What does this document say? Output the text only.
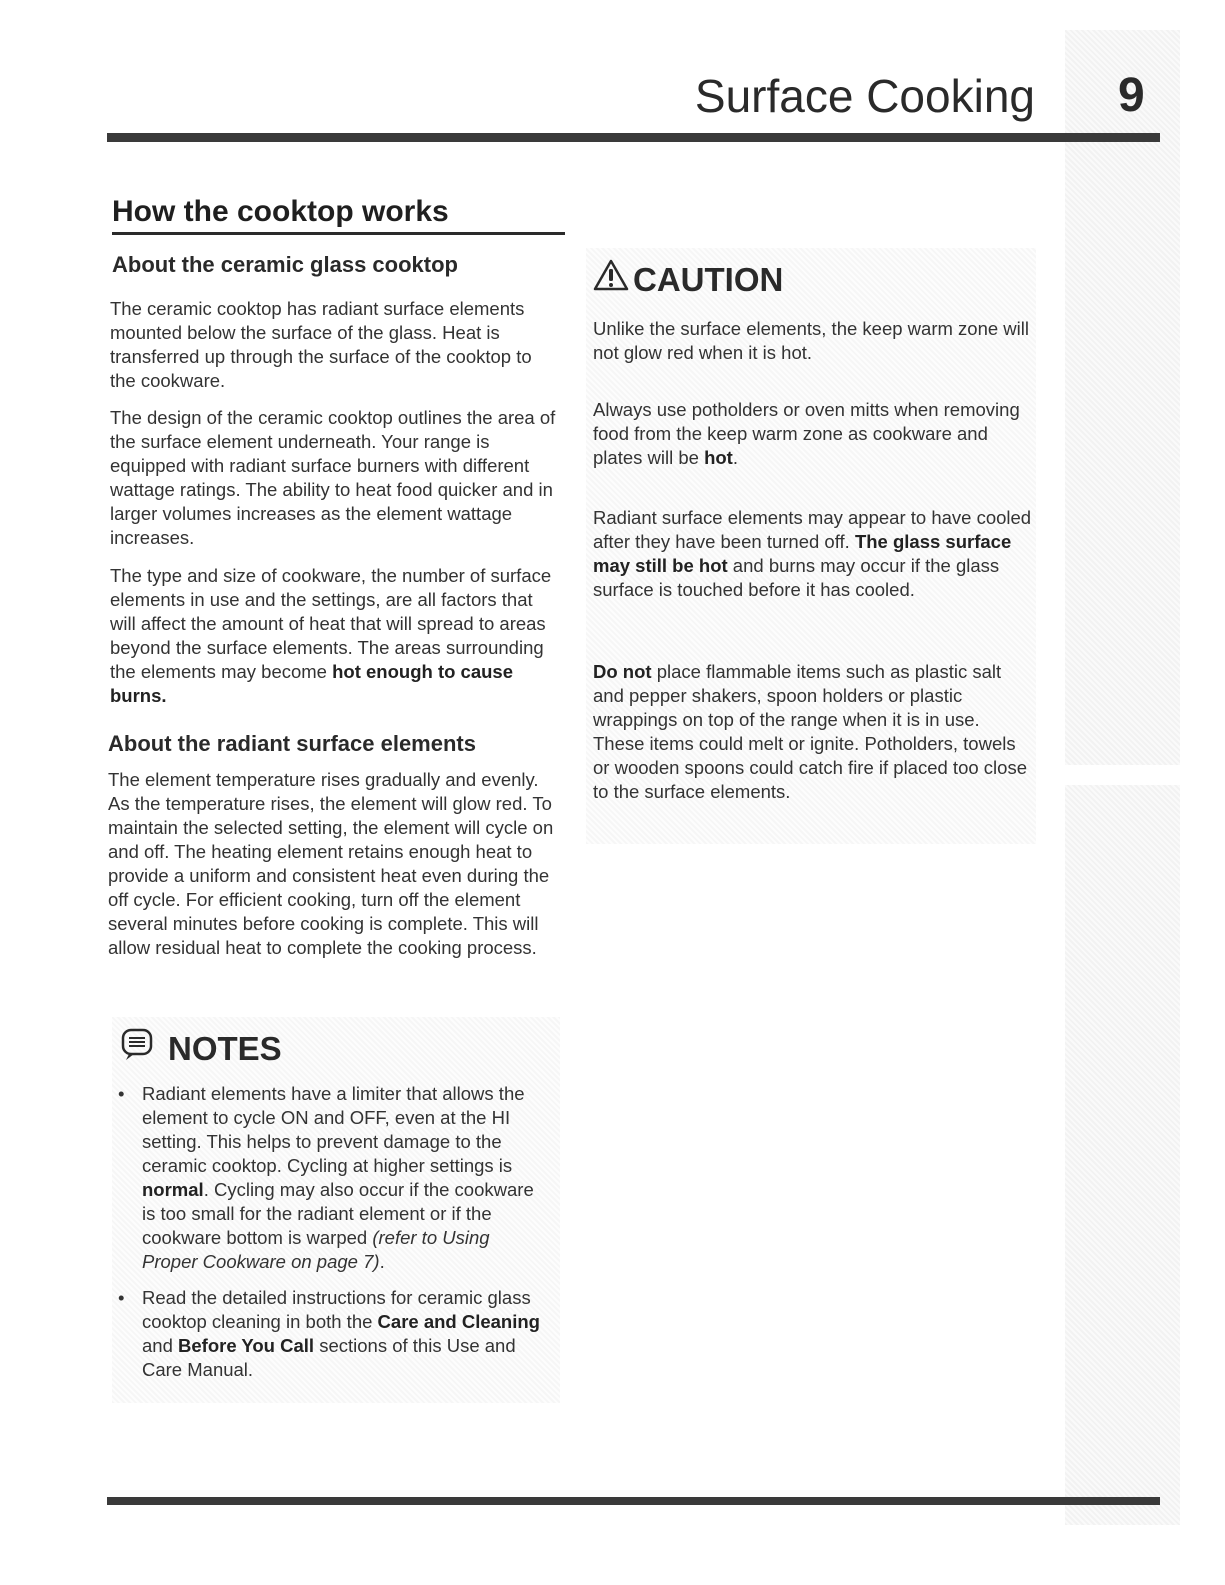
Surface Cooking 9
How the cooktop works
About the ceramic glass cooktop

The ceramic cooktop has radiant surface elements mounted below the surface of the glass. Heat is transferred up through the surface of the cooktop to the cookware.

The design of the ceramic cooktop outlines the area of the surface element underneath. Your range is equipped with radiant surface burners with different wattage ratings. The ability to heat food quicker and in larger volumes increases as the element wattage increases.

The type and size of cookware, the number of surface elements in use and the settings, are all factors that will affect the amount of heat that will spread to areas beyond the surface elements. The areas surrounding the elements may become hot enough to cause burns.

About the radiant surface elements

The element temperature rises gradually and evenly. As the temperature rises, the element will glow red. To maintain the selected setting, the element will cycle on and off. The heating element retains enough heat to provide a uniform and consistent heat even during the off cycle. For efficient cooking, turn off the element several minutes before cooking is complete. This will allow residual heat to complete the cooking process.

CAUTION

Unlike the surface elements, the keep warm zone will not glow red when it is hot.

Always use potholders or oven mitts when removing food from the keep warm zone as cookware and plates will be hot.

Radiant surface elements may appear to have cooled after they have been turned off. The glass surface may still be hot and burns may occur if the glass surface is touched before it has cooled.

Do not place flammable items such as plastic salt and pepper shakers, spoon holders or plastic wrappings on top of the range when it is in use. These items could melt or ignite. Potholders, towels or wooden spoons could catch fire if placed too close to the surface elements.

NOTES
• Radiant elements have a limiter that allows the element to cycle ON and OFF, even at the HI setting. This helps to prevent damage to the ceramic cooktop. Cycling at higher settings is normal. Cycling may also occur if the cookware is too small for the radiant element or if the cookware bottom is warped (refer to Using Proper Cookware on page 7).
• Read the detailed instructions for ceramic glass cooktop cleaning in both the Care and Cleaning and Before You Call sections of this Use and Care Manual.
